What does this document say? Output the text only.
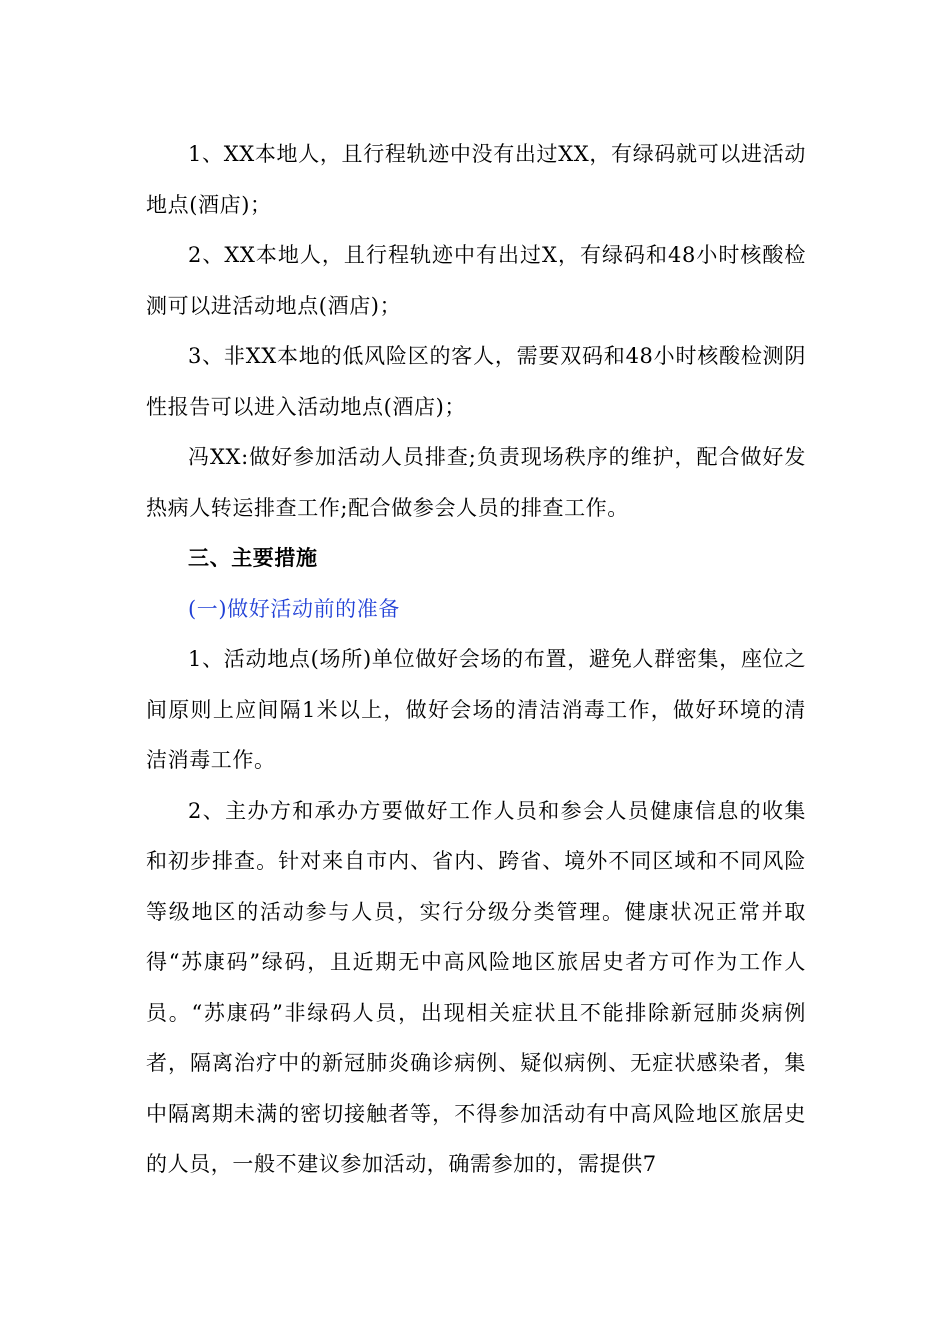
1、XX本地人，且行程轨迹中没有出过XX，有绿码就可以进活动地点(酒店)；

2、XX本地人，且行程轨迹中有出过X，有绿码和48小时核酸检测可以进活动地点(酒店)；

3、非XX本地的低风险区的客人，需要双码和48小时核酸检测阴性报告可以进入活动地点(酒店)；

冯XX:做好参加活动人员排查;负责现场秩序的维护，配合做好发热病人转运排查工作;配合做参会人员的排查工作。

三、主要措施

(一)做好活动前的准备

1、活动地点(场所)单位做好会场的布置，避免人群密集，座位之间原则上应间隔1米以上，做好会场的清洁消毒工作，做好环境的清洁消毒工作。

2、主办方和承办方要做好工作人员和参会人员健康信息的收集和初步排查。针对来自市内、省内、跨省、境外不同区域和不同风险等级地区的活动参与人员，实行分级分类管理。健康状况正常并取得“苏康码”绿码，且近期无中高风险地区旅居史者方可作为工作人员。“苏康码”非绿码人员，出现相关症状且不能排除新冠肺炎病例者，隔离治疗中的新冠肺炎确诊病例、疑似病例、无症状感染者，集中隔离期未满的密切接触者等，不得参加活动有中高风险地区旅居史的人员，一般不建议参加活动，确需参加的，需提供7
